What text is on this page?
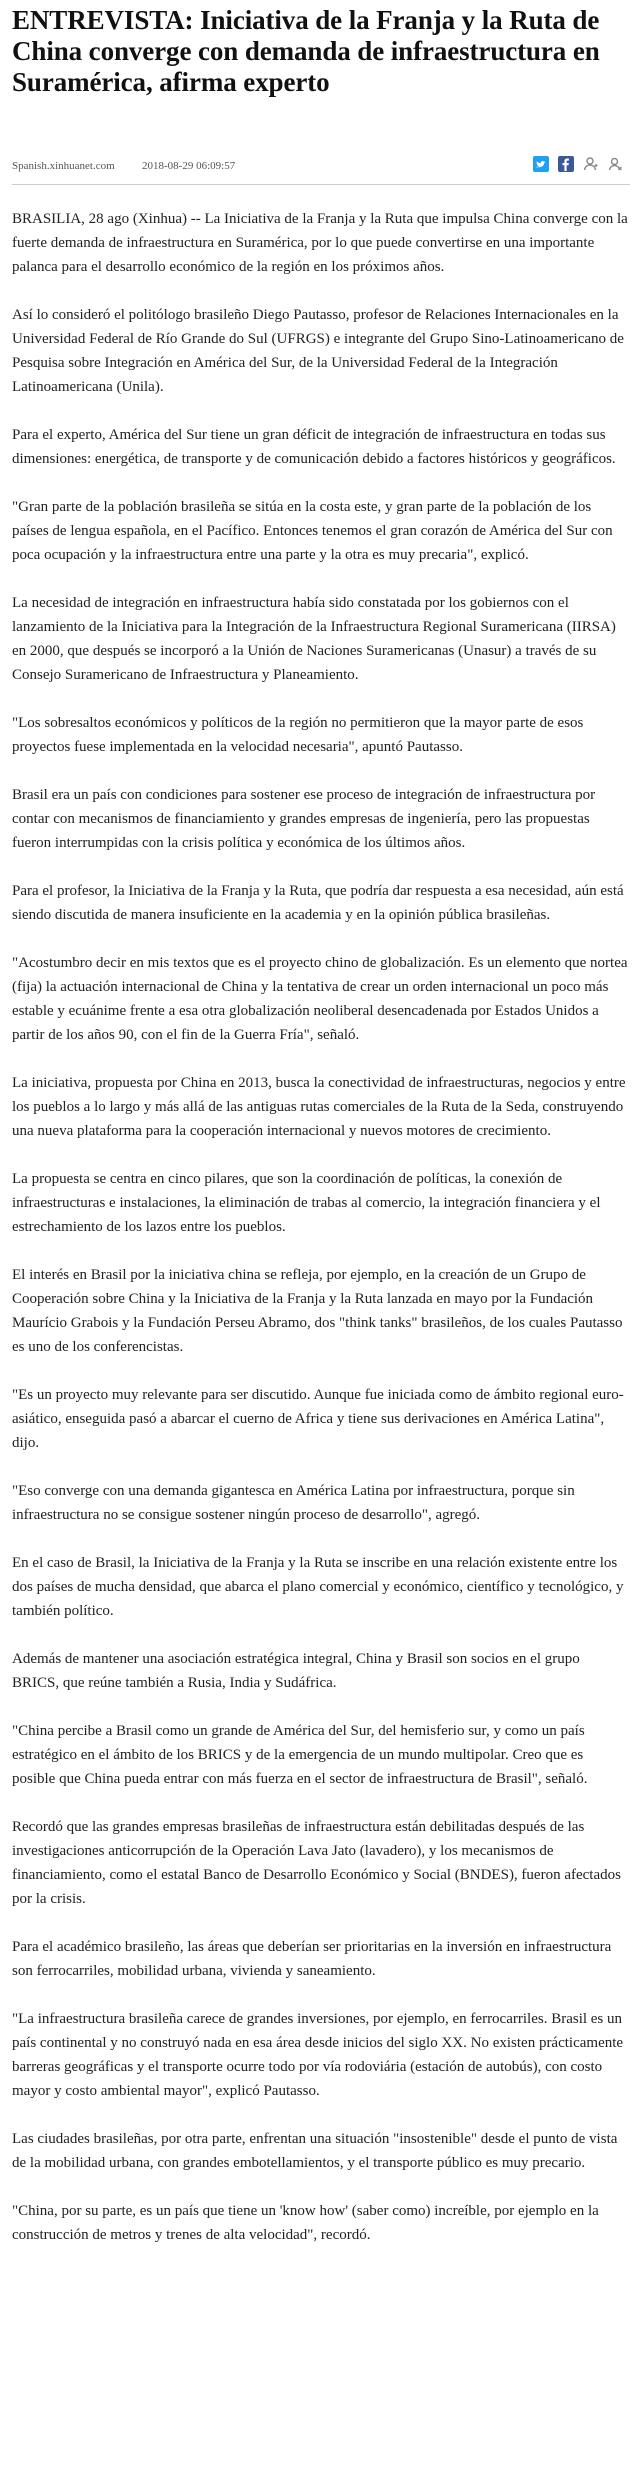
ENTREVISTA: Iniciativa de la Franja y la Ruta de China converge con demanda de infraestructura en Suramérica, afirma experto
Spanish.xinhuanet.com 2018-08-29 06:09:57

BRASILIA, 28 ago (Xinhua) -- La Iniciativa de la Franja y la Ruta que impulsa China converge con la fuerte demanda de infraestructura en Suramérica, por lo que puede convertirse en una importante palanca para el desarrollo económico de la región en los próximos años.

Así lo consideró el politólogo brasileño Diego Pautasso, profesor de Relaciones Internacionales en la Universidad Federal de Río Grande do Sul (UFRGS) e integrante del Grupo Sino-Latinoamericano de Pesquisa sobre Integración en América del Sur, de la Universidad Federal de la Integración Latinoamericana (Unila).

Para el experto, América del Sur tiene un gran déficit de integración de infraestructura en todas sus dimensiones: energética, de transporte y de comunicación debido a factores históricos y geográficos.

"Gran parte de la población brasileña se sitúa en la costa este, y gran parte de la población de los países de lengua española, en el Pacífico. Entonces tenemos el gran corazón de América del Sur con poca ocupación y la infraestructura entre una parte y la otra es muy precaria", explicó.

La necesidad de integración en infraestructura había sido constatada por los gobiernos con el lanzamiento de la Iniciativa para la Integración de la Infraestructura Regional Suramericana (IIRSA) en 2000, que después se incorporó a la Unión de Naciones Suramericanas (Unasur) a través de su Consejo Suramericano de Infraestructura y Planeamiento.

"Los sobresaltos económicos y políticos de la región no permitieron que la mayor parte de esos proyectos fuese implementada en la velocidad necesaria", apuntó Pautasso.

Brasil era un país con condiciones para sostener ese proceso de integración de infraestructura por contar con mecanismos de financiamiento y grandes empresas de ingeniería, pero las propuestas fueron interrumpidas con la crisis política y económica de los últimos años.

Para el profesor, la Iniciativa de la Franja y la Ruta, que podría dar respuesta a esa necesidad, aún está siendo discutida de manera insuficiente en la academia y en la opinión pública brasileñas.

"Acostumbro decir en mis textos que es el proyecto chino de globalización. Es un elemento que nortea (fija) la actuación internacional de China y la tentativa de crear un orden internacional un poco más estable y ecuánime frente a esa otra globalización neoliberal desencadenada por Estados Unidos a partir de los años 90, con el fin de la Guerra Fría", señaló.

La iniciativa, propuesta por China en 2013, busca la conectividad de infraestructuras, negocios y entre los pueblos a lo largo y más allá de las antiguas rutas comerciales de la Ruta de la Seda, construyendo una nueva plataforma para la cooperación internacional y nuevos motores de crecimiento.

La propuesta se centra en cinco pilares, que son la coordinación de políticas, la conexión de infraestructuras e instalaciones, la eliminación de trabas al comercio, la integración financiera y el estrechamiento de los lazos entre los pueblos.

El interés en Brasil por la iniciativa china se refleja, por ejemplo, en la creación de un Grupo de Cooperación sobre China y la Iniciativa de la Franja y la Ruta lanzada en mayo por la Fundación Maurício Grabois y la Fundación Perseu Abramo, dos "think tanks" brasileños, de los cuales Pautasso es uno de los conferencistas.

"Es un proyecto muy relevante para ser discutido. Aunque fue iniciada como de ámbito regional euro-asiático, enseguida pasó a abarcar el cuerno de Africa y tiene sus derivaciones en América Latina", dijo.

"Eso converge con una demanda gigantesca en América Latina por infraestructura, porque sin infraestructura no se consigue sostener ningún proceso de desarrollo", agregó.

En el caso de Brasil, la Iniciativa de la Franja y la Ruta se inscribe en una relación existente entre los dos países de mucha densidad, que abarca el plano comercial y económico, científico y tecnológico, y también político.

Además de mantener una asociación estratégica integral, China y Brasil son socios en el grupo BRICS, que reúne también a Rusia, India y Sudáfrica.

"China percibe a Brasil como un grande de América del Sur, del hemisferio sur, y como un país estratégico en el ámbito de los BRICS y de la emergencia de un mundo multipolar. Creo que es posible que China pueda entrar con más fuerza en el sector de infraestructura de Brasil", señaló.

Recordó que las grandes empresas brasileñas de infraestructura están debilitadas después de las investigaciones anticorrupción de la Operación Lava Jato (lavadero), y los mecanismos de financiamiento, como el estatal Banco de Desarrollo Económico y Social (BNDES), fueron afectados por la crisis.

Para el académico brasileño, las áreas que deberían ser prioritarias en la inversión en infraestructura son ferrocarriles, mobilidad urbana, vivienda y saneamiento.

"La infraestructura brasileña carece de grandes inversiones, por ejemplo, en ferrocarriles. Brasil es un país continental y no construyó nada en esa área desde inicios del siglo XX. No existen prácticamente barreras geográficas y el transporte ocurre todo por vía rodoviária (estación de autobús), con costo mayor y costo ambiental mayor", explicó Pautasso.

Las ciudades brasileñas, por otra parte, enfrentan una situación "insostenible" desde el punto de vista de la mobilidad urbana, con grandes embotellamientos, y el transporte público es muy precario.

"China, por su parte, es un país que tiene un 'know how' (saber como) increíble, por ejemplo en la construcción de metros y trenes de alta velocidad", recordó.
